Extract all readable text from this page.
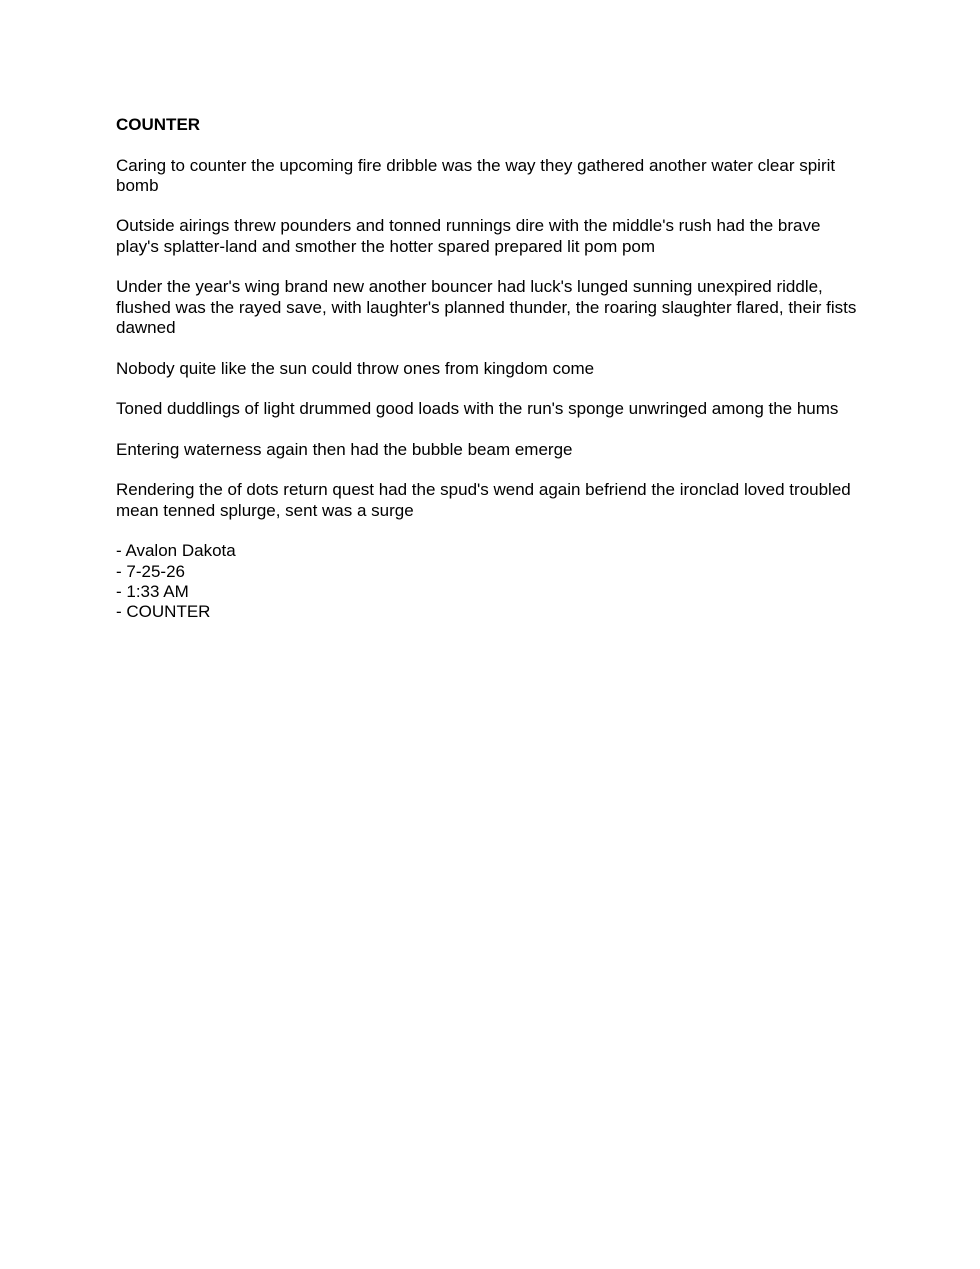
COUNTER

Caring to counter the upcoming fire dribble was the way they gathered another water clear spirit bomb

Outside airings threw pounders and tonned runnings dire with the middle's rush had the brave play's splatter-land and smother the hotter spared prepared lit pom pom

Under the year's wing brand new another bouncer had luck's lunged sunning unexpired riddle, flushed was the rayed save, with laughter's planned thunder, the roaring slaughter flared, their fists dawned

Nobody quite like the sun could throw ones from kingdom come

Toned duddlings of light drummed good loads with the run's sponge unwringed among the hums

Entering waterness again then had the bubble beam emerge

Rendering the of dots return quest had the spud's wend again befriend the ironclad loved troubled mean tenned splurge, sent was a surge

- Avalon Dakota

- 7-25-26

- 1:33 AM

- COUNTER
